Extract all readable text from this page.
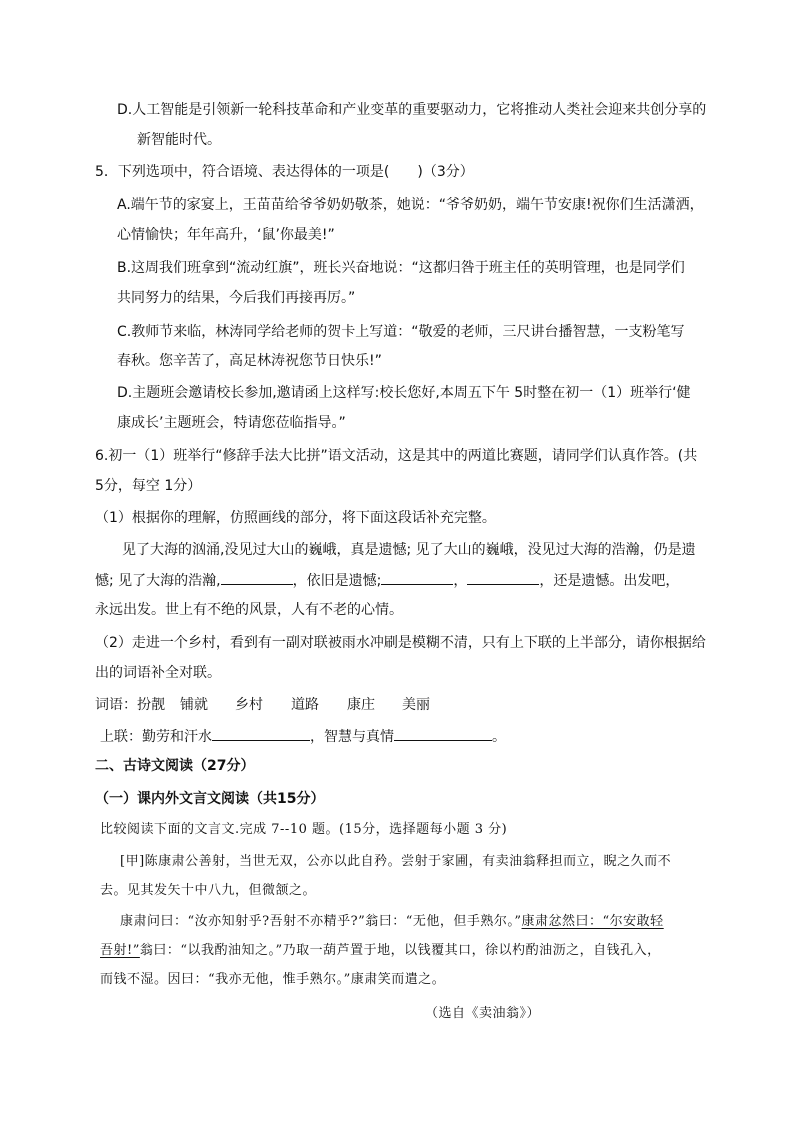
D.人工智能是引领新一轮科技革命和产业变革的重要驱动力，它将推动人类社会迎来共创分享的
新智能时代。
5．下列选项中，符合语境、表达得体的一项是(　　)（3分）
A.端午节的家宴上，王苗苗给爷爷奶奶敬茶，她说：“爷爷奶奶，端午节安康!祝你们生活潇洒，
心情愉快；年年高升，‘鼠’你最美!”
B.这周我们班拿到“流动红旗”，班长兴奋地说：“这都归咎于班主任的英明管理，也是同学们
共同努力的结果，今后我们再接再厉。”
C.教师节来临，林涛同学给老师的贺卡上写道：“敬爱的老师，三尺讲台播智慧，一支粉笔写
春秋。您辛苦了，高足林涛祝您节日快乐!”
D.主题班会邀请校长参加,邀请函上这样写:校长您好,本周五下午 5时整在初一（1）班举行‘健
康成长’主题班会，特请您莅临指导。”
6.初一（1）班举行“修辞手法大比拼”语文活动，这是其中的两道比赛题，请同学们认真作答。(共
5分，每空 1分）
（1）根据你的理解，仿照画线的部分，将下面这段话补充完整。
见了大海的汹涌,没见过大山的巍峨，真是遗憾; 见了大山的巍峨，没见过大海的浩瀚，仍是遗
憾; 见了大海的浩瀚,	，依旧是遗憾;	，	，还是遗憾。出发吧，
永远出发。世上有不绝的风景，人有不老的心情。
（2）走进一个乡村，看到有一副对联被雨水冲刷是模糊不清，只有上下联的上半部分，请你根据给
出的词语补全对联。
词语： 扮靓 铺就 乡村 道路 康庄 美丽
上联：勤劳和汗水	，智慧与真情	。
二、古诗文阅读（27分）
（一）课内外文言文阅读（共15分）
比较阅读下面的文言文.完成 7--10 题。(15分，选择题每小题 3 分)
[甲]陈康肃公善射，当世无双，公亦以此自矜。尝射于家圃，有卖油翁释担而立，睨之久而不
去。见其发矢十中八九，但微颔之。
康肃问曰：“汝亦知射乎?吾射不亦精乎?”翁曰：“无他，但手熟尔。”康肃忿然曰：“尔安敢轻
吾射!”翁曰：“以我酌油知之。”乃取一葫芦置于地，以钱覆其口，徐以杓酌油沥之，自钱孔入，
而钱不湿。因曰：“我亦无他，惟手熟尔。”康肃笑而遣之。
（选自《卖油翁》）
